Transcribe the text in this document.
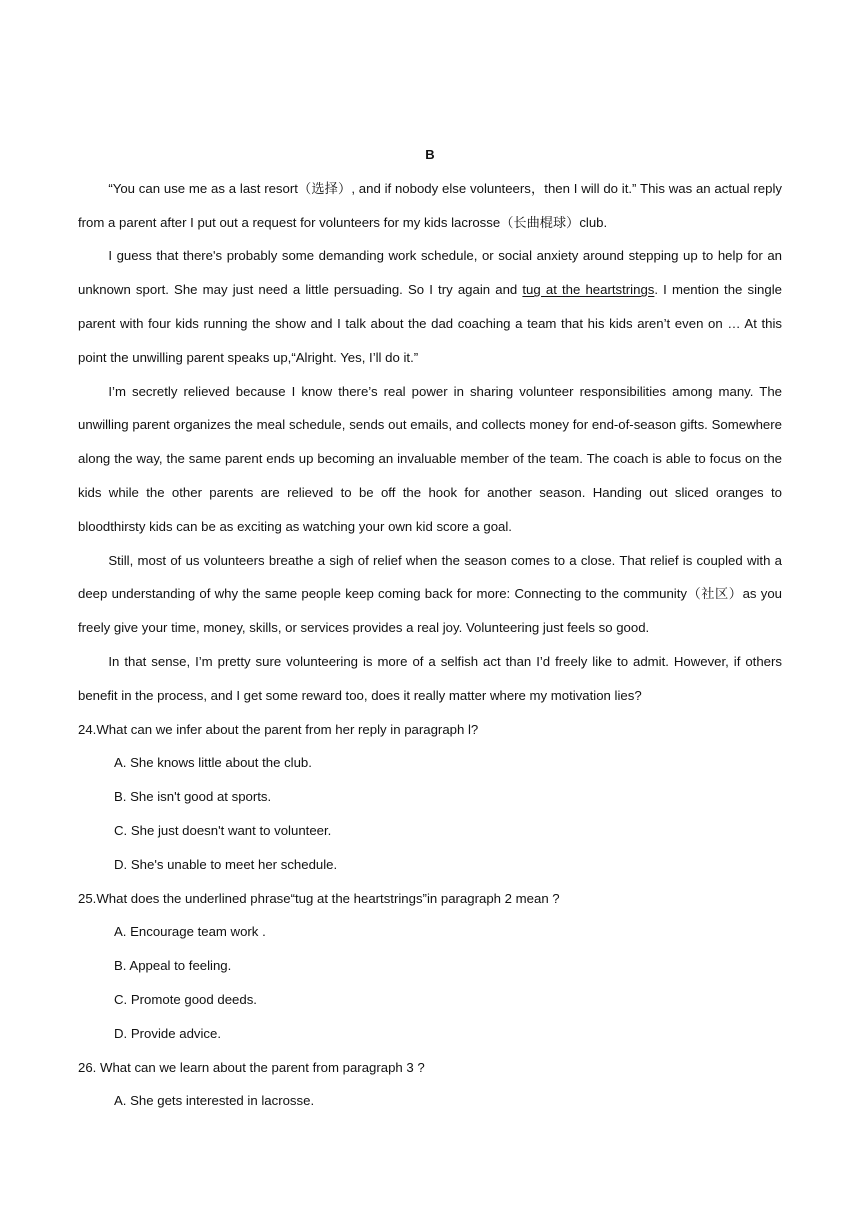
B

“You can use me as a last resort（选择）, and if nobody else volunteers，then I will do it.” This was an actual reply from a parent after I put out a request for volunteers for my kids lacrosse（长曲棍球）club.

I guess that there's probably some demanding work schedule, or social anxiety around stepping up to help for an unknown sport. She may just need a little persuading. So I try again and tug at the heartstrings. I mention the single parent with four kids running the show and I talk about the dad coaching a team that his kids aren’t even on … At this point the unwilling parent speaks up,“Alright. Yes, I’ll do it.”

I’m secretly relieved because I know there’s real power in sharing volunteer responsibilities among many. The unwilling parent organizes the meal schedule, sends out emails, and collects money for end-of-season gifts. Somewhere along the way, the same parent ends up becoming an invaluable member of the team. The coach is able to focus on the kids while the other parents are relieved to be off the hook for another season. Handing out sliced oranges to bloodthirsty kids can be as exciting as watching your own kid score a goal.

Still, most of us volunteers breathe a sigh of relief when the season comes to a close. That relief is coupled with a deep understanding of why the same people keep coming back for more: Connecting to the community（社区）as you freely give your time, money, skills, or services provides a real joy. Volunteering just feels so good.

In that sense, I’m pretty sure volunteering is more of a selfish act than I’d freely like to admit. However, if others benefit in the process, and I get some reward too, does it really matter where my motivation lies?

24.What can we infer about the parent from her reply in paragraph l?

A. She knows little about the club.

B. She isn't good at sports.

C. She just doesn't want to volunteer.

D. She's unable to meet her schedule.

25.What does the underlined phrase“tug at the heartstrings”in paragraph 2 mean ?

A. Encourage team work .

B. Appeal to feeling.

C. Promote good deeds.

D. Provide advice.

26. What can we learn about the parent from paragraph 3 ?

A. She gets interested in lacrosse.
